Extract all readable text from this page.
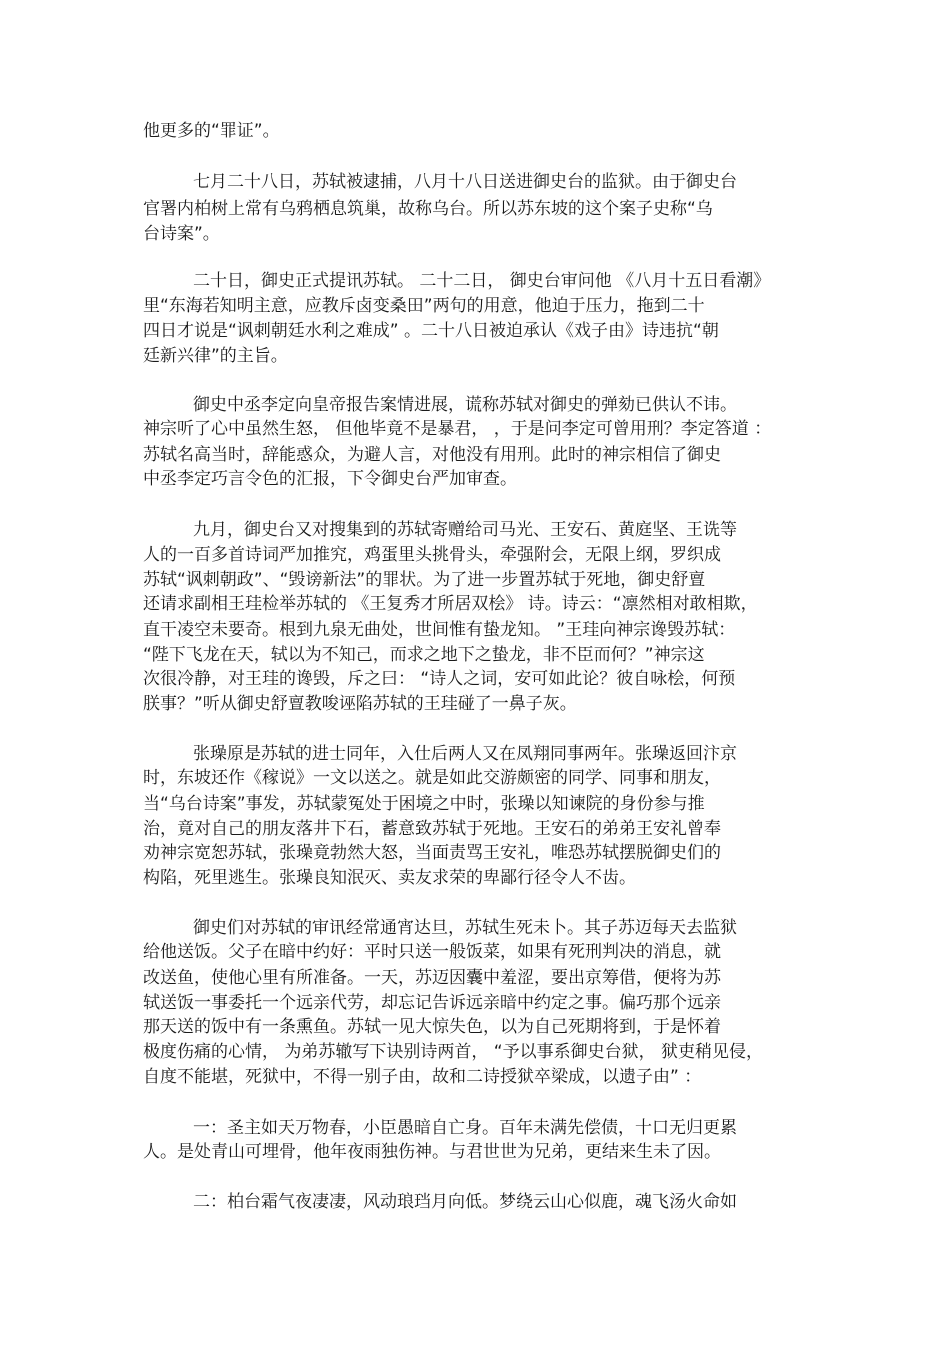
他更多的“罪证”。
七月二十八日，苏轼被逮捕，八月十八日送进御史台的监狱。由于御史台
官署内柏树上常有乌鸦栖息筑巢，故称乌台。所以苏东坡的这个案子史称“乌
台诗案”。
二十日，御史正式提讯苏轼。 二十二日， 御史台审问他 《八月十五日看潮》
里“东海若知明主意，应教斥卤变桑田”两句的用意，他迫于压力，拖到二十
四日才说是“讽刺朝廷水利之难成” 。二十八日被迫承认《戏子由》诗违抗“朝
廷新兴律”的主旨。
御史中丞李定向皇帝报告案情进展，谎称苏轼对御史的弹劾已供认不讳。
神宗听了心中虽然生怒， 但他毕竟不是暴君， ，于是问李定可曾用刑？李定答道 ：
苏轼名高当时，辞能惑众，为避人言，对他没有用刑。此时的神宗相信了御史
中丞李定巧言令色的汇报，下令御史台严加审查。
九月，御史台又对搜集到的苏轼寄赠给司马光、王安石、黄庭坚、王诜等
人的一百多首诗词严加推究，鸡蛋里头挑骨头，牵强附会，无限上纲，罗织成
苏轼“讽刺朝政”、“毁谤新法”的罪状。为了进一步置苏轼于死地，御史舒亶
还请求副相王珪检举苏轼的 《王复秀才所居双桧》 诗。诗云：“凛然相对敢相欺，
直干凌空未要奇。根到九泉无曲处，世间惟有蛰龙知。 ”王珪向神宗谗毁苏轼：
“陛下飞龙在天，轼以为不知己，而求之地下之蛰龙，非不臣而何？”神宗这
次很冷静，对王珪的谗毁，斥之曰： “诗人之词，安可如此论？彼自咏桧，何预
朕事？”听从御史舒亶教唆诬陷苏轼的王珪碰了一鼻子灰。
张璪原是苏轼的进士同年，入仕后两人又在凤翔同事两年。张璪返回汴京
时，东坡还作《稼说》一文以送之。就是如此交游颇密的同学、同事和朋友，
当“乌台诗案”事发，苏轼蒙冤处于困境之中时，张璪以知谏院的身份参与推
治，竟对自己的朋友落井下石，蓄意致苏轼于死地。王安石的弟弟王安礼曾奉
劝神宗宽恕苏轼，张璪竟勃然大怒，当面责骂王安礼，唯恐苏轼摆脱御史们的
构陷，死里逃生。张璪良知泯灭、卖友求荣的卑鄙行径令人不齿。
御史们对苏轼的审讯经常通宵达旦，苏轼生死未卜。其子苏迈每天去监狱
给他送饭。父子在暗中约好：平时只送一般饭菜，如果有死刑判决的消息，就
改送鱼，使他心里有所准备。一天，苏迈因囊中羞涩，要出京筹借，便将为苏
轼送饭一事委托一个远亲代劳，却忘记告诉远亲暗中约定之事。偏巧那个远亲
那天送的饭中有一条熏鱼。苏轼一见大惊失色，以为自己死期将到，于是怀着
极度伤痛的心情， 为弟苏辙写下诀别诗两首， “予以事系御史台狱， 狱吏稍见侵，
自度不能堪，死狱中，不得一别子由，故和二诗授狱卒梁成，以遗子由” ：
一：圣主如天万物春，小臣愚暗自亡身。百年未满先偿债，十口无归更累
人。是处青山可埋骨，他年夜雨独伤神。与君世世为兄弟，更结来生未了因。
二：柏台霜气夜凄凄，风动琅珰月向低。梦绕云山心似鹿，魂飞汤火命如
